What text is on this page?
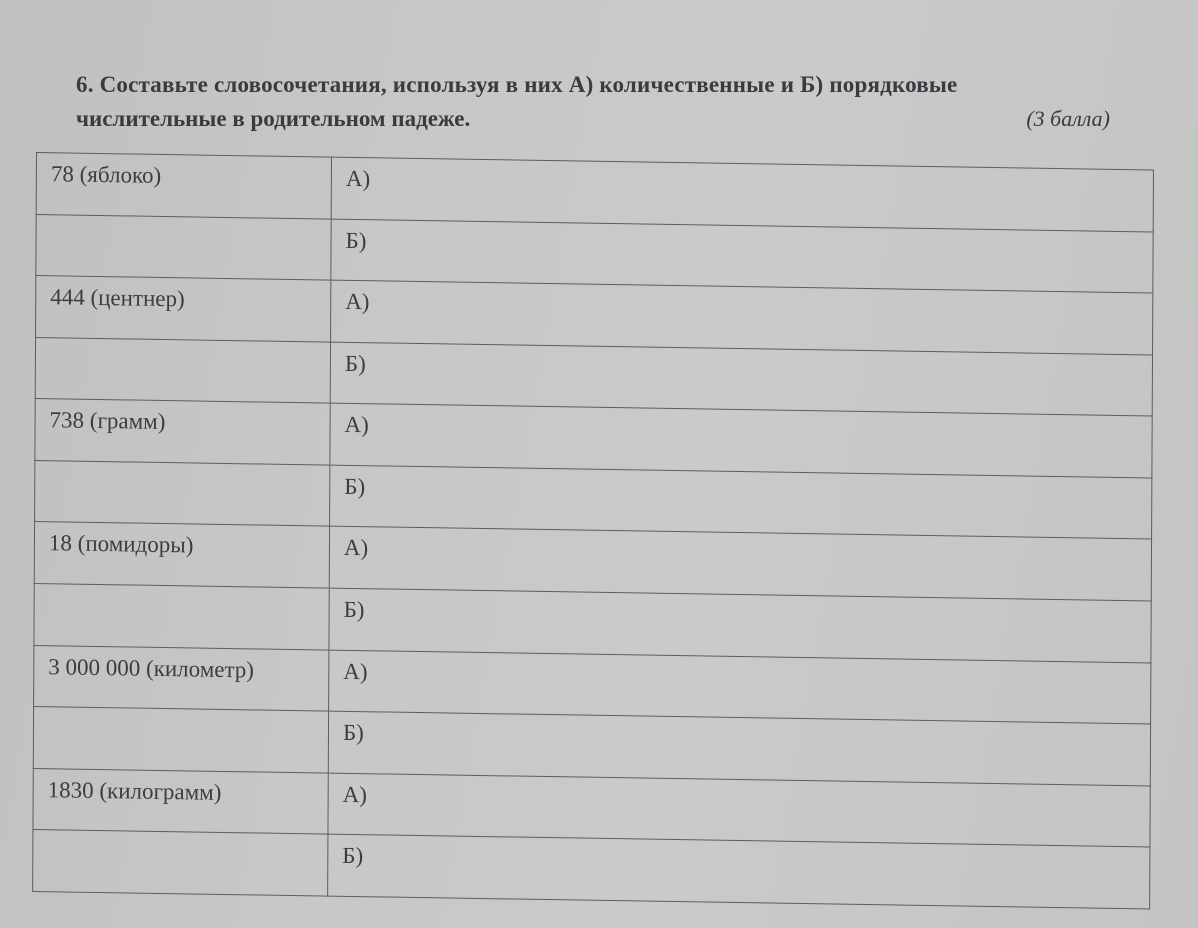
6. Составьте словосочетания, используя в них А) количественные и Б) порядковые
числительные в родительном падеже.	(3 балла)
78 (яблоко)	А)
	Б)
444 (центнер)	А)
	Б)
738 (грамм)	А)
	Б)
18 (помидоры)	А)
	Б)
3 000 000 (километр)	А)
	Б)
1830 (килограмм)	А)
	Б)
